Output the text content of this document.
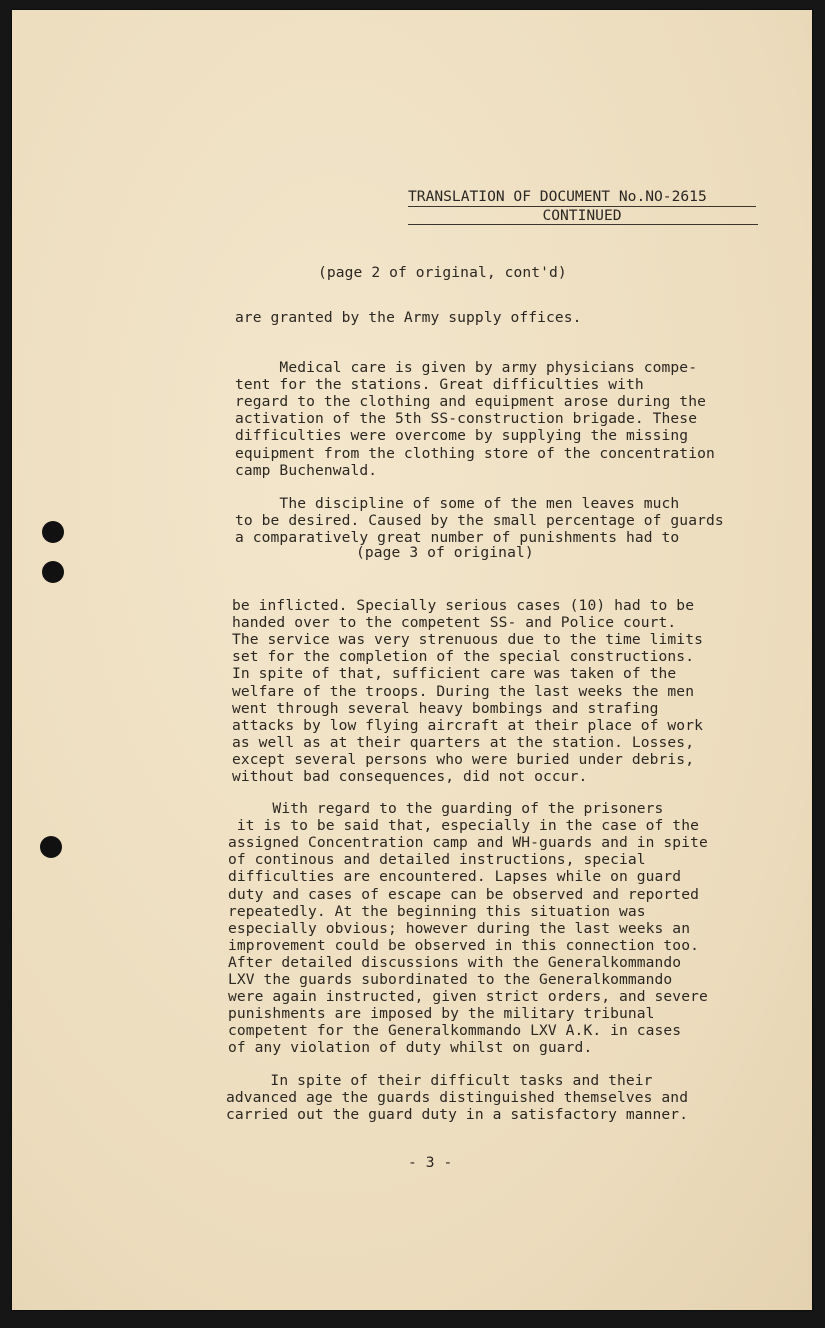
TRANSLATION OF DOCUMENT No.NO-2615
CONTINUED
(page 2 of original, cont'd)
are granted by the Army supply offices.

Medical care is given by army physicians compe-
tent for the stations. Great difficulties with
regard to the clothing and equipment arose during the
activation of the 5th SS-construction brigade. These
difficulties were overcome by supplying the missing
equipment from the clothing store of the concentration
camp Buchenwald.

The discipline of some of the men leaves much
to be desired. Caused by the small percentage of guards
a comparatively great number of punishments had to

(page 3 of original)

be inflicted. Specially serious cases (10) had to be
handed over to the competent SS- and Police court.
The service was very strenuous due to the time limits
set for the completion of the special constructions.
In spite of that, sufficient care was taken of the
welfare of the troops. During the last weeks the men
went through several heavy bombings and strafing
attacks by low flying aircraft at their place of work
as well as at their quarters at the station. Losses,
except several persons who were buried under debris,
without bad consequences, did not occur.

With regard to the guarding of the prisoners
it is to be said that, especially in the case of the
assigned Concentration camp and WH-guards and in spite
of continous and detailed instructions, special
difficulties are encountered. Lapses while on guard
duty and cases of escape can be observed and reported
repeatedly. At the beginning this situation was
especially obvious; however during the last weeks an
improvement could be observed in this connection too.
After detailed discussions with the Generalkommando
LXV the guards subordinated to the Generalkommando
were again instructed, given strict orders, and severe
punishments are imposed by the military tribunal
competent for the Generalkommando LXV A.K. in cases
of any violation of duty whilst on guard.

In spite of their difficult tasks and their
advanced age the guards distinguished themselves and
carried out the guard duty in a satisfactory manner.

- 3 -
